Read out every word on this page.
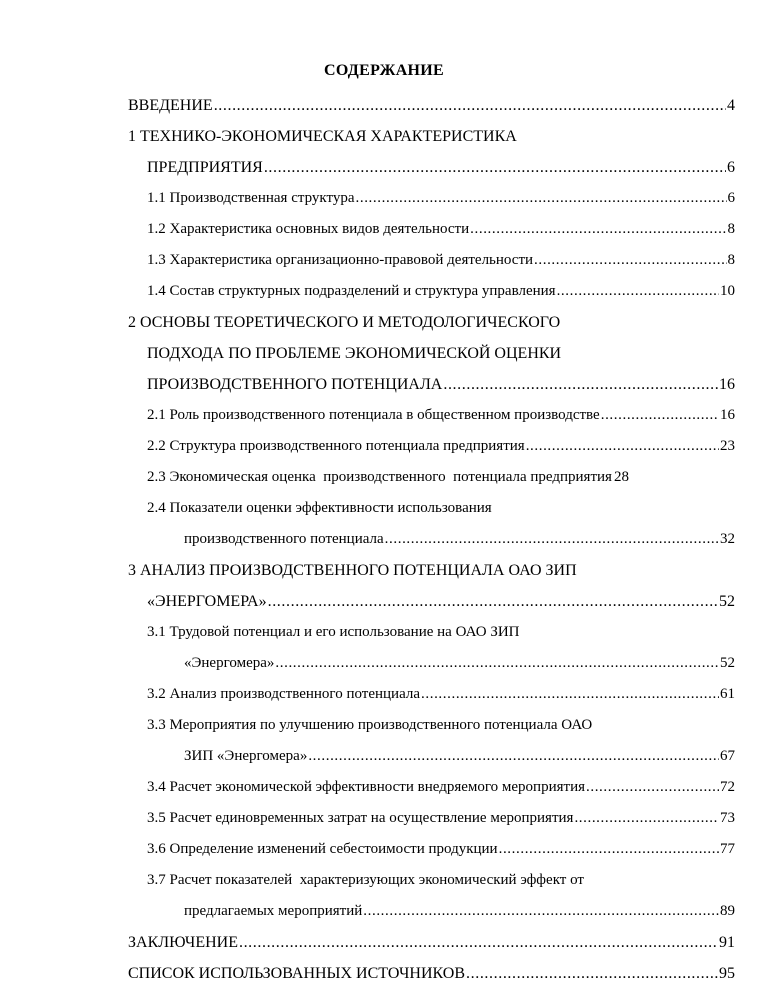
СОДЕРЖАНИЕ
ВВЕДЕНИЕ .....	4
1 ТЕХНИКО-ЭКОНОМИЧЕСКАЯ ХАРАКТЕРИСТИКА
ПРЕДПРИЯТИЯ .....	6
1.1 Производственная структура .....	6
1.2 Характеристика основных видов деятельности .....	8
1.3 Характеристика организационно-правовой деятельности .....	8
1.4 Состав структурных подразделений и структура управления .....	10
2 ОСНОВЫ ТЕОРЕТИЧЕСКОГО И МЕТОДОЛОГИЧЕСКОГО
ПОДХОДА ПО ПРОБЛЕМЕ ЭКОНОМИЧЕСКОЙ ОЦЕНКИ
ПРОИЗВОДСТВЕННОГО ПОТЕНЦИАЛА .....	16
2.1 Роль производственного потенциала в общественном производстве .....	16
2.2 Структура производственного потенциала предприятия .....	23
2.3 Экономическая оценка  производственного  потенциала предприятия 28
2.4 Показатели оценки эффективности использования
производственного потенциала .....	32
3 АНАЛИЗ ПРОИЗВОДСТВЕННОГО ПОТЕНЦИАЛА ОАО ЗИП
«ЭНЕРГОМЕРА» .....	52
3.1 Трудовой потенциал и его использование на ОАО ЗИП
«Энергомера» .....	52
3.2 Анализ производственного потенциала .....	61
3.3 Мероприятия по улучшению производственного потенциала ОАО
ЗИП «Энергомера» .....	67
3.4 Расчет экономической эффективности внедряемого мероприятия .....	72
3.5 Расчет единовременных затрат на осуществление мероприятия .....	73
3.6 Определение изменений себестоимости продукции .....	77
3.7 Расчет показателей  характеризующих экономический эффект от
предлагаемых мероприятий .....	89
ЗАКЛЮЧЕНИЕ .....	91
СПИСОК ИСПОЛЬЗОВАННЫХ ИСТОЧНИКОВ .....	95
